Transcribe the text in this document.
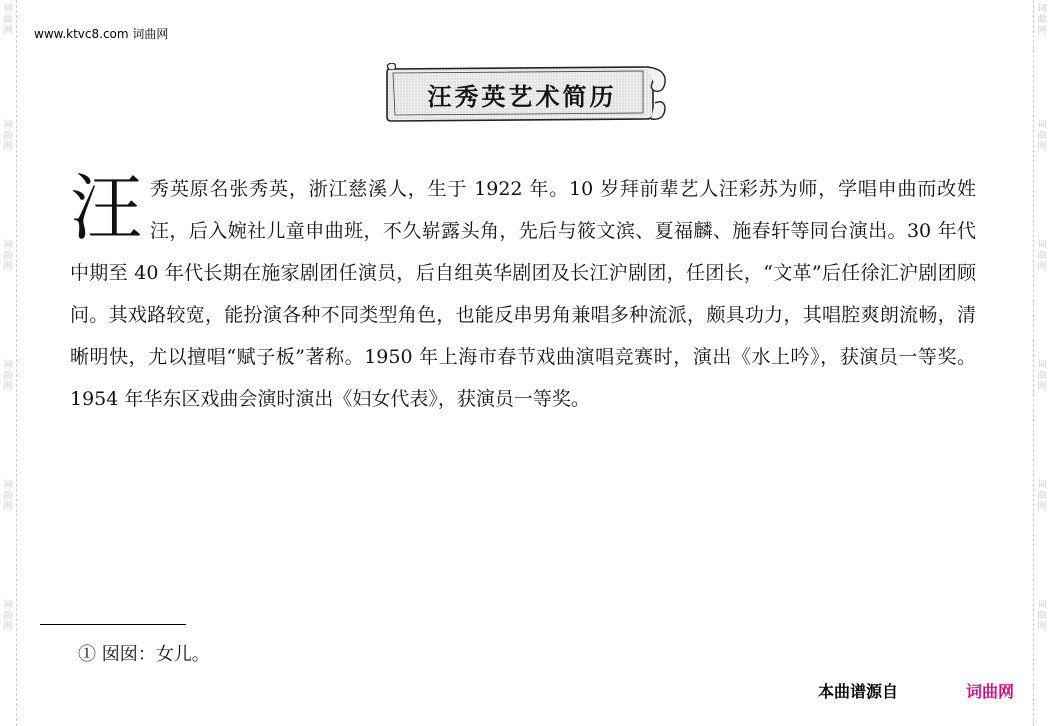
词曲网
词曲网
词曲网
词曲网
词曲网
词曲网
词曲网
词曲网
词曲网
词曲网
词曲网
词曲网
www.ktvc8.com 词曲网
汪秀英艺术简历

汪秀英原名张秀英，浙江慈溪人，生于 1922 年。10 岁拜前辈艺人汪彩苏为师，学唱申曲而改姓汪，后入婉社儿童申曲班，不久崭露头角，先后与筱文滨、夏福麟、施春轩等同台演出。30 年代中期至 40 年代长期在施家剧团任演员，后自组英华剧团及长江沪剧团，任团长，“文革”后任徐汇沪剧团顾问。其戏路较宽，能扮演各种不同类型角色，也能反串男角兼唱多种流派，颇具功力，其唱腔爽朗流畅，清晰明快，尤以擅唱“赋子板”著称。1950 年上海市春节戏曲演唱竞赛时，演出《水上吟》，获演员一等奖。1954 年华东区戏曲会演时演出《妇女代表》，获演员一等奖。

① 囡囡：女儿。
本曲谱源自	词曲网
